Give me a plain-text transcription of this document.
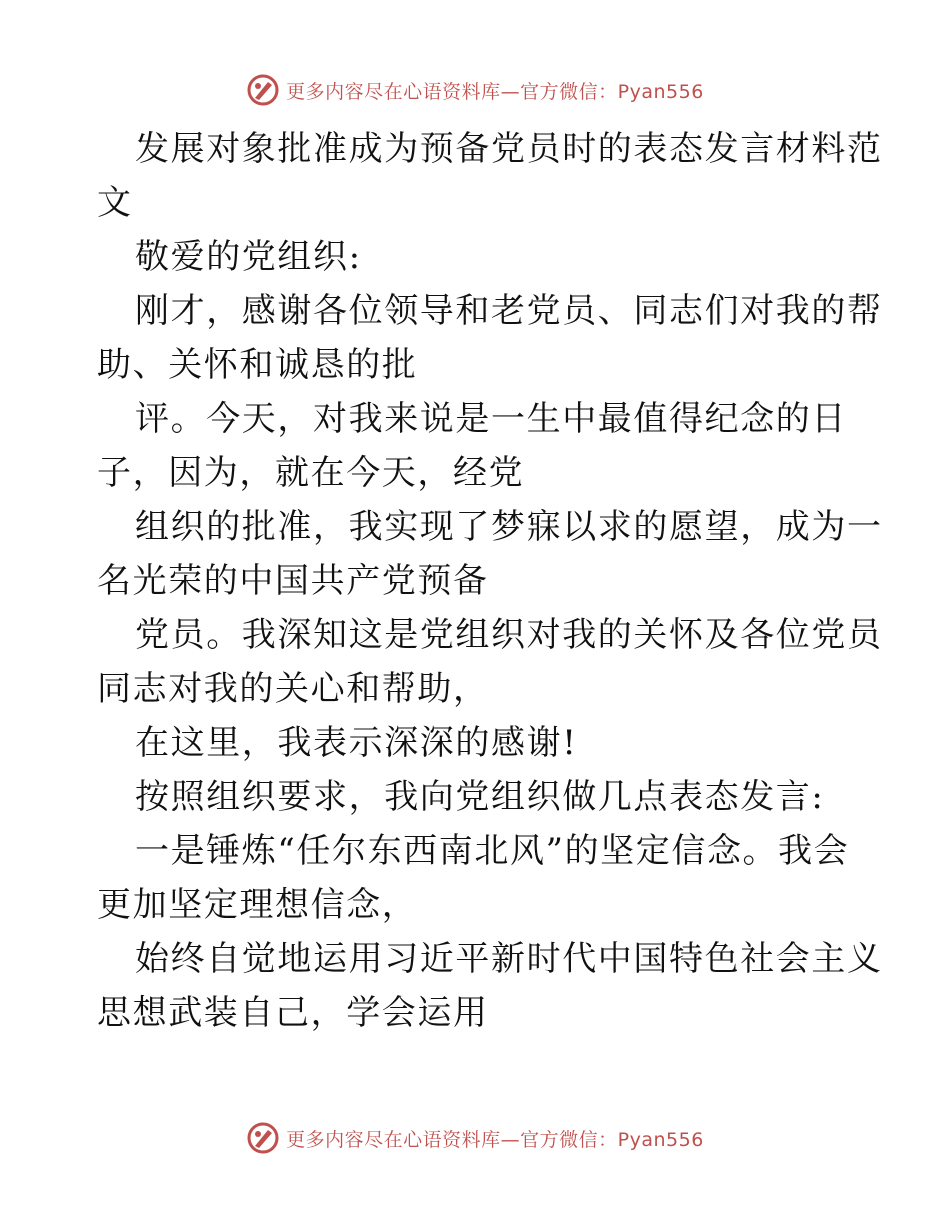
更多内容尽在心语资料库—官方微信：Pyan556
发展对象批准成为预备党员时的表态发言材料范
文
敬爱的党组织:
刚才，感谢各位领导和老党员、同志们对我的帮
助、关怀和诚恳的批
评。今天，对我来说是一生中最值得纪念的日
子，因为，就在今天，经党
组织的批准，我实现了梦寐以求的愿望，成为一
名光荣的中国共产党预备
党员。我深知这是党组织对我的关怀及各位党员
同志对我的关心和帮助，
在这里，我表示深深的感谢!
按照组织要求，我向党组织做几点表态发言:
一是锤炼“任尔东西南北风”的坚定信念。我会
更加坚定理想信念，
始终自觉地运用习近平新时代中国特色社会主义
思想武装自己，学会运用
更多内容尽在心语资料库—官方微信：Pyan556
